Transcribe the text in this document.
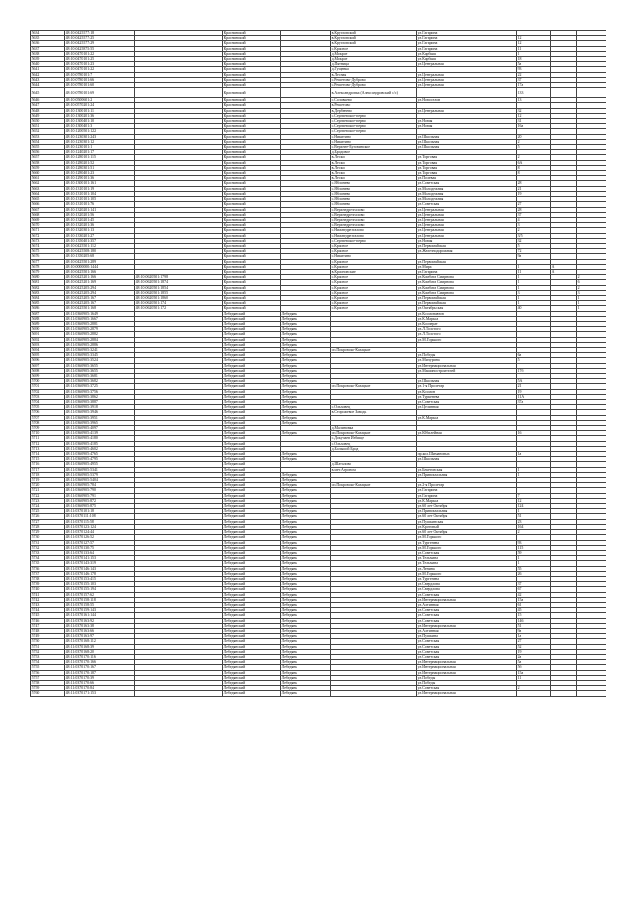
5634	48:10:0425577:18		Краснинский		в.Кругловский	ул.Гагарина			
5635	48:10:0425577:25		Краснинский		в.Кругловский	ул.Гагарина	12		
5636	48:10:0425577:29		Краснинский		в.Кругловский	ул.Гагарина	12		
5637	48:10:0425875:55		Краснинский		с.Красное	ул.Гагарина	11		
5638	48:10:0470101:22		Краснинский		д.Мокрое	ул.Карбыш	1		
5639	48:10:0470101:25		Краснинский		д.Мокрое	ул.Карбыш	18		
5640	48:10:0470101:23		Краснинский		д.Пятница	ул.Центральная	5а		
5641	48:10:0470101:22		Краснинский		д.Гущевка		93		
5642	48:10:0780101:7		Краснинский		в.Лесная	ул.Центральная	22		
5643	48:10:0780101:66		Краснинский		с.Решетово-Дуброво	ул.Центральная	37		
5644	48:10:0780101:60		Краснинский		с.Решетово-Дуброво	ул.Центральная	17а		
5645	48:10:0780101:69		Краснинский		в.Александровка (Александровский с/с)		133		
5646	48:10:0500601:2		Краснинский		с.Соловьево	ул.Новоселов	13		
5647	48:10:0570201:24		Краснинский		в.Решетово				
5648	48:10:1300101:11		Краснинский		в.Дербенево	ул.Центральная	32		
5649	48:10:1300201:36		Краснинский		с.Сергиевское-перво		12		
5650	48:10:1300401:10		Краснинский		с.Сергиевское-перво	ул.Новая	31		
5651	48:10:1300401:3		Краснинский		с.Сергиевское-перво	ул.Новая	16а		
5652	48:10:1200501:122		Краснинский		с.Сергиевское-перво				
5653	48:10:1230301:243		Краснинский		с.Никитино	ул.Школьная	20		
5654	48:10:1230301:12		Краснинский		с.Никитино	ул.Школьная	2		
5655	48:10:1230101:1		Краснинский		с.Верхнее-Бузовинское	ул.Школьная	5		
5656	48:10:1240201:17		Краснинский		д.Бродовое				
5657	48:10:1280101:115		Краснинский		в.Лески	ул.Торговая	2		
5658	48:10:1280201:52		Краснинский		в.Лески	ул.Торговая	6А		
5659	48:10:1280301:51		Краснинский		в.Лески	ул.Торговая	8		
5660	48:10:1280401:23		Краснинский		в.Лески	ул.Торговая	8		
5661	48:10:1290101:36		Краснинский		в.Лески	ул.Полевая			
5662	48:10:1300101:161		Краснинский		с.Яблонево	ул.Советская	28		
5663	48:10:1310101:19		Краснинский		с.Яблонево	ул.Молодежная	21		
5664	48:10:1310101:104		Краснинский		с.Яблонево	ул.Молодежная	19		
5665	48:10:1310101:105		Краснинский		с.Яблонево	ул.Молодежная			
5666	48:10:1310101:76		Краснинский		с.Яблонево	ул.Советская	27		
5667	48:10:1320201:141		Краснинский		с.Верхнедрезгалово	ул.Центральная	28		
5668	48:10:1320201:56		Краснинский		с.Верхнедрезгалово	ул.Центральная	37		
5669	48:10:1320201:45		Краснинский		с.Верхнедрезгалово	ул.Центральная	4		
5670	48:10:1320201:36		Краснинский		с.Верхнедрезгалово	ул.Центральная	3		
5671	48:10:1320301:13		Краснинский		с.Нижнедрезгалово	ул.Центральная	2		
5672	48:10:1330201:27		Краснинский		с.Нижнедрезгалово	ул.Центральная	3/5		
5673	48:10:1350401:357		Краснинский		с.Сергиевское-перво	ул.Новая	32		
5674	48:10:0425501:112		Краснинский		с.Красное	ул.Первомайская	5		
5675	48:10:0425508:180		Краснинский		с.Красное	ул.Железнодорожная	72		
5676	48:10:1350205:68		Краснинский		с.Никитино		9а		
5677	48:10:0425501:289		Краснинский		с.Красное	ул.Первомайская			
5678	48:10:0000000:1444		Краснинский		с.Красное	ул.Мира	1	А	
5679	48:10:0425501:166		Краснинский		в.Красновские	ул.Гагарина	11	А	
5680	48:10:0425201:166	48:10:0620501:1798	Краснинский		с.Красное	ул.Комбата Смирнова	1		2
5681	48:10:0425201:169	48:10:0620501:1874	Краснинский		с.Красное	ул.Комбата Смирнова	1		6
5682	48:10:0425205:294	48:10:0620501:1854	Краснинский		с.Красное	ул.Комбата Смирнова	1		2
5683	48:10:0425205:294	48:10:0620501:1855	Краснинский		с.Красное	ул.Комбата Смирнова	3		3
5684	48:10:0425205:167	48:10:0620501:1860	Краснинский		с.Красное	ул.Первомайская	1		1
5685	48:10:0425205:167	48:10:0620501:174	Краснинский		с.Красное	ул.Первомайская	1		1
5686	48:10:0425501:168	48:10:0620501:172	Краснинский		с.Красное	ул.Октябрьская	40		1
5687	48:11:0360905:1649		Лебедянский	Лебедянь		ул.Космонавтов			
5688	48:11:0360905:1667		Лебедянский	Лебедянь		ул.К.Маркса			
5689	48:11:0360905:2881		Лебедянский	Лебедянь		ул.Кооперат			
5690	48:11:0360905:2879		Лебедянский	Лебедянь		ул.Л.Толстого			
5691	48:11:0360905:2882		Лебедянский	Лебедянь		ул.Л.Толстого			
5692	48:11:0360905:2884		Лебедянский	Лебедянь		ул.М.Горького			
5693	48:11:0360905:2886		Лебедянский	Лебедянь					
5694	48:11:0360905:3241		Лебедянский	Лебедянь	сп.Покровско-Казацкое				
5695	48:11:0360905:3345		Лебедянский	Лебедянь		ул.Победы	6а		
5696	48:11:0360905:3524		Лебедянский	Лебедянь		ул.Мичурина	5		
5697	48:11:0360905:3655		Лебедянский	Лебедянь		ул.Интернациональная			
5698	48:11:0360905:3655		Лебедянский	Лебедянь		ул.Машиностроителей	17б		
5699	48:11:0360905:3681		Лебедянский	Лебедянь					
5700	48:11:0360905:3682		Лебедянский	Лебедянь		ул.Школьная	5А		
5701	48:11:0360905:3725		Лебедянский	Лебедянь	сп.Покровско-Казацкое	ул.1-я Пролетар	21		
5702	48:11:0360905:3756		Лебедянский	Лебедянь		ул.Космон	19		
5703	48:11:0360905:3862		Лебедянский	Лебедянь		ул.Туркенева	11А		
5704	48:11:0360905:3887		Лебедянский	Лебедянь		ул.Советская	37а		
5705	48:11:0360905:3918		Лебедянский	Лебедянь	с.Ольховец	ул.Целинная			
5706	48:11:0360905:3946		Лебедянский	Лебедянь	в.Сторожевое Заводь				
5707	48:11:0360905:3951		Лебедянский	Лебедянь		ул.К.Маркса			
5708	48:11:0360905:3965		Лебедянский	Лебедянь					
5709	48:11:0360905:4097		Лебедянский		д.Малиновка				
5710	48:11:0360905:4139		Лебедянский	Лебедянь	сп.Покровско-Казацкое	ул.Юбилейная	16		
5711	48:11:0360905:4180		Лебедянский		с.Докучаев Избище				
5712	48:11:0360905:4185		Лебедянский		с.Ольховец				
5713	48:11:0360905:4602		Лебедянский		д.Большой Брод				
5714	48:11:0360905:4765		Лебедянский	Лебедянь		пр.кол.Шимановых	1а		
5715	48:11:0360905:4795		Лебедянский	Лебедянь		ул.Школьная			
5716	48:11:0360905:4955		Лебедянский		д.Шаталово				
5717	48:11:0360905:5341		Лебедянский		в.мет.Агроном	ул.Бекетовская	1		
5718	48:11:0360905:5379		Лебедянский	Лебедянь		ул.Привокзальная	1		
5719	48:11:0360905:5404		Лебедянский	Лебедянь					
5720	48:11:0360905:784		Лебедянский	Лебедянь	сп.Покровско-Казацкое	ул.2-я Пролетар			
5721	48:11:0360905:790		Лебедянский	Лебедянь		ул.Гагарина			
5722	48:11:0360905:791		Лебедянский	Лебедянь		ул.Гагарина	7		
5723	48:11:0360905:872		Лебедянский	Лебедянь		ул.К.Маркса	12		
5724	48:11:0360905:875		Лебедянский	Лебедянь		ул.60 лет Октября	124		
5725	48:11:0370101:18		Лебедянский	Лебедянь		ул.Привокзальная	1		
5726	48:11:0370111:108		Лебедянский	Лебедянь		ул.60 лет Октября	51		
5727	48:11:0370115:58		Лебедянский	Лебедянь		ул.Пушкинская	23		
5728	48:11:0370123:124		Лебедянский	Лебедянь		ул.Кротовый	164		
5729	48:11:0370124:44		Лебедянский	Лебедянь		ул.60 лет Октября	2		
5730	48:11:0370126:52		Лебедянский	Лебедянь		ул.М.Горького			
5731	48:11:0370127:57		Лебедянский	Лебедянь		ул.Тургенева	93		
5732	48:11:0370130:75		Лебедянский	Лебедянь		ул.М.Горького	115		
5733	48:11:0370133:64		Лебедянский	Лебедянь		ул.Советская	59		
5734	48:11:0370141:153		Лебедянский	Лебедянь		ул.Тельмана	1		
5735	48:11:0370143:319		Лебедянский	Лебедянь		ул.Тельмана	1		
5736	48:11:0370146:143		Лебедянский	Лебедянь		ул.Ленина	55		
5737	48:11:0370146:178		Лебедянский	Лебедянь		ул.М.Горького	26		
5738	48:11:0370153:415		Лебедянский	Лебедянь		ул.Тургенева			
5739	48:11:0370155:103		Лебедянский	Лебедянь		ул.Свердлова	37		
5740	48:11:0370155:194		Лебедянский	Лебедянь		ул.Свердлова	67		
5741	48:11:0370157:62		Лебедянский	Лебедянь		ул.Советская	42		
5742	48:11:0370158:118		Лебедянский	Лебедянь		ул.Интернациональная	15а		
5743	48:11:0370158:55		Лебедянский	Лебедянь		ул.Алтинная	61		
5744	48:11:0370159:143		Лебедянский	Лебедянь		ул.Советская	45		
5745	48:11:0370161:144		Лебедянский	Лебедянь		ул.Советская	15		
5746	48:11:0370163:92		Лебедянский	Лебедянь		ул.Советская	146		
5747	48:11:0370163:38		Лебедянский	Лебедянь		ул.Интернациональная	51		
5748	48:11:0370163:66		Лебедянский	Лебедянь		ул.Алтинная	9а		
5749	48:11:0370163:97		Лебедянский	Лебедянь		ул.Пушкина	1а		
5750	48:11:0370168:112		Лебедянский	Лебедянь		ул.Советская	27		
5751	48:11:0370168:39		Лебедянский	Лебедянь		ул.Советская	52		
5752	48:11:0370168:20		Лебедянский	Лебедянь		ул.Советская	19		
5753	48:11:0370170:116		Лебедянский	Лебедянь		ул.Советская	2а		
5754	48:11:0370170:166		Лебедянский	Лебедянь		ул.Интернациональная	5а		
5755	48:11:0370170:167		Лебедянский	Лебедянь		ул.Интернациональная	5б		
5756	48:11:0370170:187		Лебедянский	Лебедянь		ул.Интернациональная	15а		
5757	48:11:0370170:39		Лебедянский	Лебедянь		ул.Победы	11		
5758	48:11:0370170:66		Лебедянский	Лебедянь		ул.Победы			
5759	48:11:0370170:84		Лебедянский	Лебедянь		ул.Советская	2		
5760	48:11:0370171:153		Лебедянский	Лебедянь		ул.Интернациональная			
